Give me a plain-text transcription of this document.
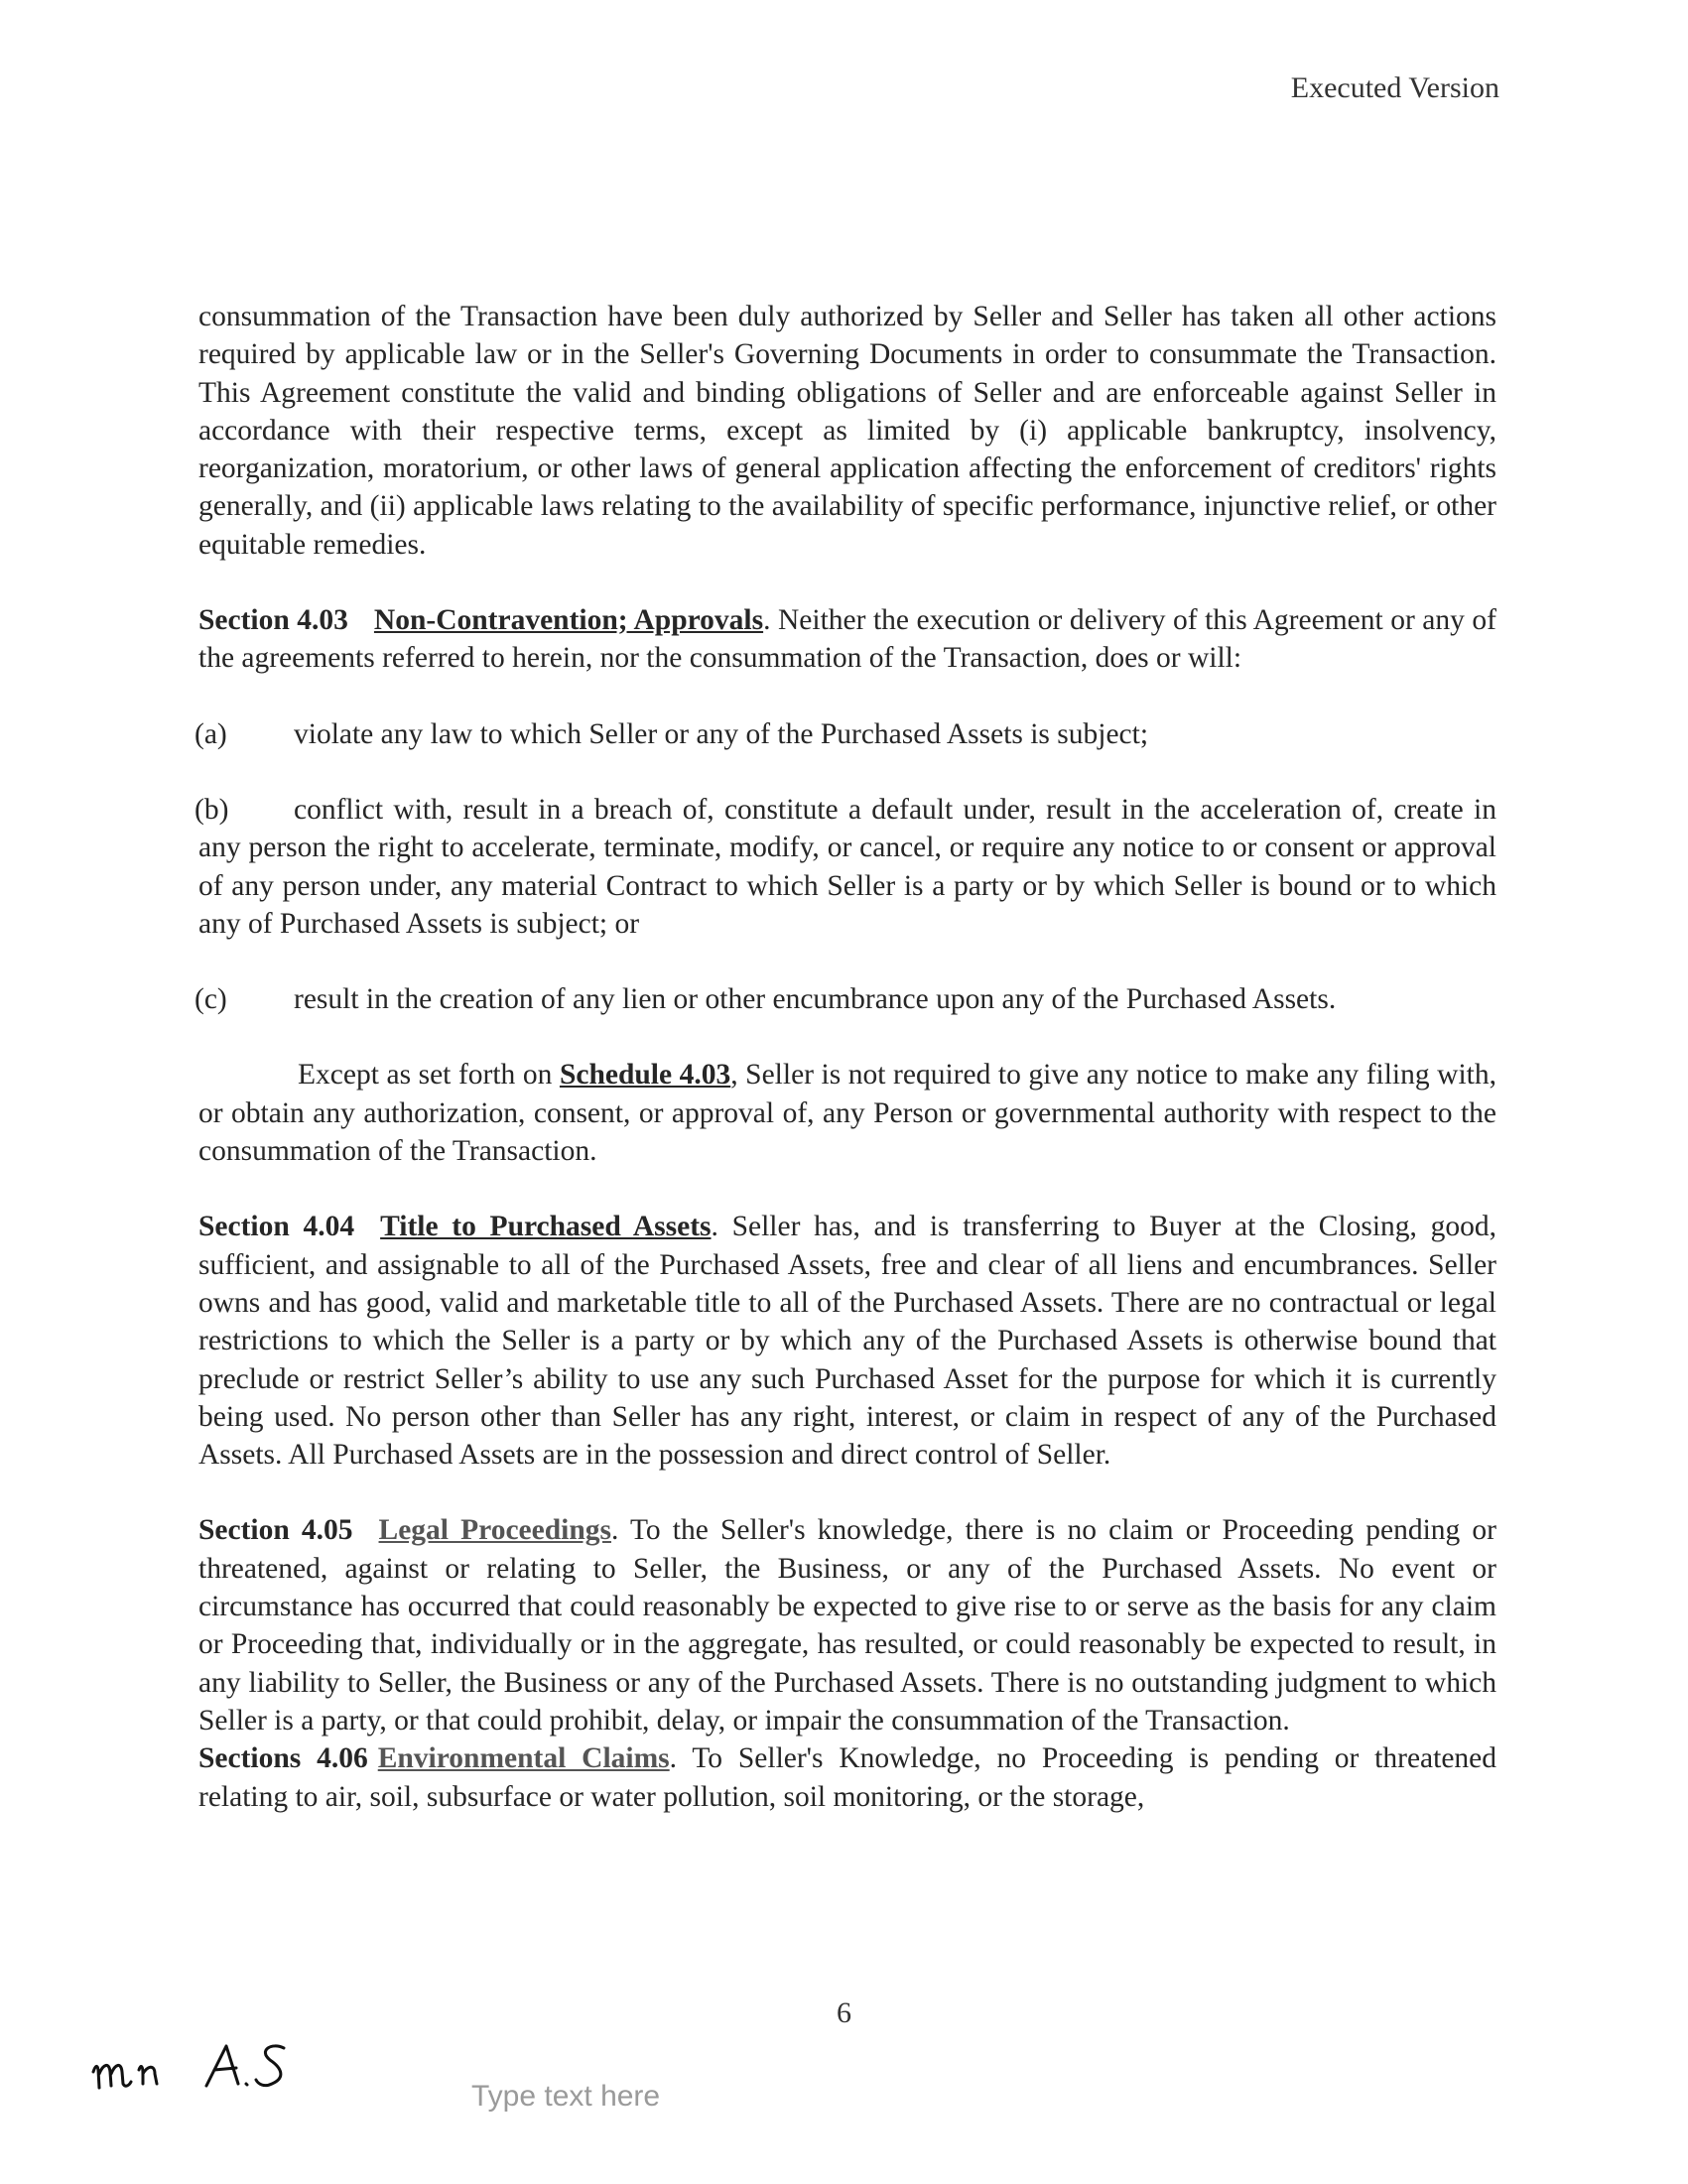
Executed Version

consummation of the Transaction have been duly authorized by Seller and Seller has taken all other actions required by applicable law or in the Seller's Governing Documents in order to consummate the Transaction. This Agreement constitute the valid and binding obligations of Seller and are enforceable against Seller in accordance with their respective terms, except as limited by (i) applicable bankruptcy, insolvency, reorganization, moratorium, or other laws of general application affecting the enforcement of creditors' rights generally, and (ii) applicable laws relating to the availability of specific performance, injunctive relief, or other equitable remedies.

Section 4.03 Non-Contravention; Approvals. Neither the execution or delivery of this Agreement or any of the agreements referred to herein, nor the consummation of the Transaction, does or will:

(a) violate any law to which Seller or any of the Purchased Assets is subject;

(b) conflict with, result in a breach of, constitute a default under, result in the acceleration of, create in any person the right to accelerate, terminate, modify, or cancel, or require any notice to or consent or approval of any person under, any material Contract to which Seller is a party or by which Seller is bound or to which any of Purchased Assets is subject; or

(c) result in the creation of any lien or other encumbrance upon any of the Purchased Assets.

Except as set forth on Schedule 4.03, Seller is not required to give any notice to make any filing with, or obtain any authorization, consent, or approval of, any Person or governmental authority with respect to the consummation of the Transaction.

Section 4.04 Title to Purchased Assets. Seller has, and is transferring to Buyer at the Closing, good, sufficient, and assignable to all of the Purchased Assets, free and clear of all liens and encumbrances. Seller owns and has good, valid and marketable title to all of the Purchased Assets. There are no contractual or legal restrictions to which the Seller is a party or by which any of the Purchased Assets is otherwise bound that preclude or restrict Seller’s ability to use any such Purchased Asset for the purpose for which it is currently being used. No person other than Seller has any right, interest, or claim in respect of any of the Purchased Assets. All Purchased Assets are in the possession and direct control of Seller.

Section 4.05 Legal Proceedings. To the Seller's knowledge, there is no claim or Proceeding pending or threatened, against or relating to Seller, the Business, or any of the Purchased Assets. No event or circumstance has occurred that could reasonably be expected to give rise to or serve as the basis for any claim or Proceeding that, individually or in the aggregate, has resulted, or could reasonably be expected to result, in any liability to Seller, the Business or any of the Purchased Assets. There is no outstanding judgment to which Seller is a party, or that could prohibit, delay, or impair the consummation of the Transaction.

Sections 4.06 Environmental Claims. To Seller's Knowledge, no Proceeding is pending or threatened relating to air, soil, subsurface or water pollution, soil monitoring, or the storage,

6
Type text here
